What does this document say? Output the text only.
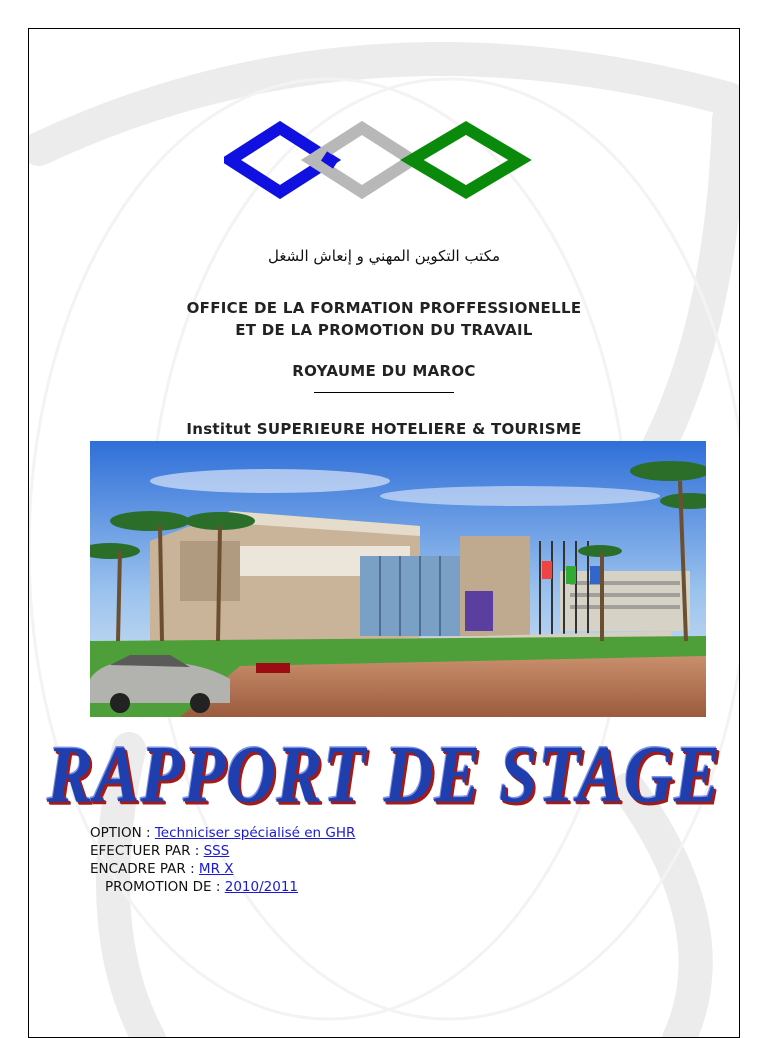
مكتب التكوين المهني و إنعاش الشغل
OFFICE DE LA FORMATION PROFFESSIONELLE
ET DE LA PROMOTION DU TRAVAIL
ROYAUME DU MAROC
Institut SUPERIEURE HOTELIERE & TOURISME
RAPPORT DE STAGE
OPTION : Techniciser spécialisé en GHR
EFECTUER PAR : SSS
ENCADRE PAR : MR X
PROMOTION DE : 2010/2011
